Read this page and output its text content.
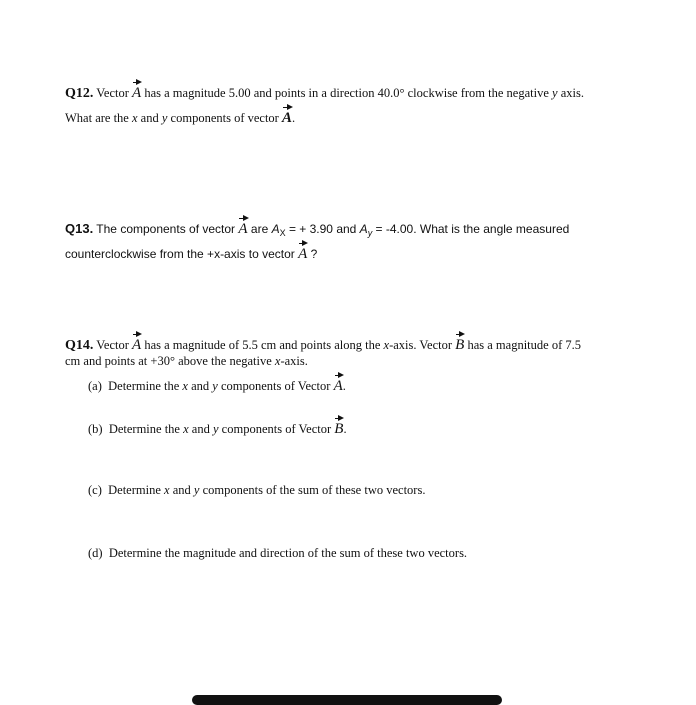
Q12. Vector A has a magnitude 5.00 and points in a direction 40.0° clockwise from the negative y axis.
What are the x and y components of vector A.
Q13. The components of vector A are $A_X$ = + 3.90 and $A_y = -4.00$. What is the angle measured
counterclockwise from the +x-axis to vector A ?
Q14. Vector A has a magnitude of 5.5 cm and points along the x-axis. Vector B has a magnitude of 7.5
cm and points at +30° above the negative x-axis.
(a) Determine the x and y components of Vector A.
(b) Determine the x and y components of Vector B.
(c) Determine x and y components of the sum of these two vectors.
(d) Determine the magnitude and direction of the sum of these two vectors.
